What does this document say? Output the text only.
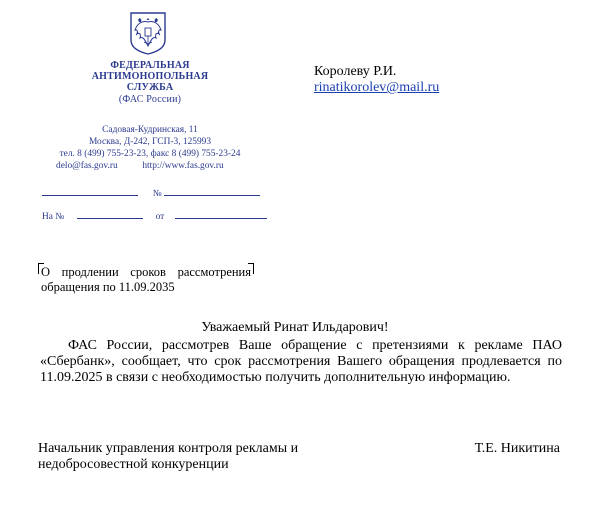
ФЕДЕРАЛЬНАЯ
АНТИМОНОПОЛЬНАЯ
СЛУЖБА
(ФАС России)
Садовая-Кудринская, 11
Москва, Д-242, ГСП-3, 125993
тел. 8 (499) 755-23-23, факс 8 (499) 755-23-24
delo@fas.gov.ru	http://www.fas.gov.ru
№
На №	от
Королеву Р.И.
rinatikorolev@mail.ru
О продлении сроков рассмотрения обращения по 11.09.2035
Уважаемый Ринат Ильдарович!
ФАС России, рассмотрев Ваше обращение с претензиями к рекламе ПАО «Сбербанк», сообщает, что срок рассмотрения Вашего обращения продлевается по 11.09.2025 в связи с необходимостью получить дополнительную информацию.
Начальник управления контроля рекламы и
недобросовестной конкуренции
Т.Е. Никитина
